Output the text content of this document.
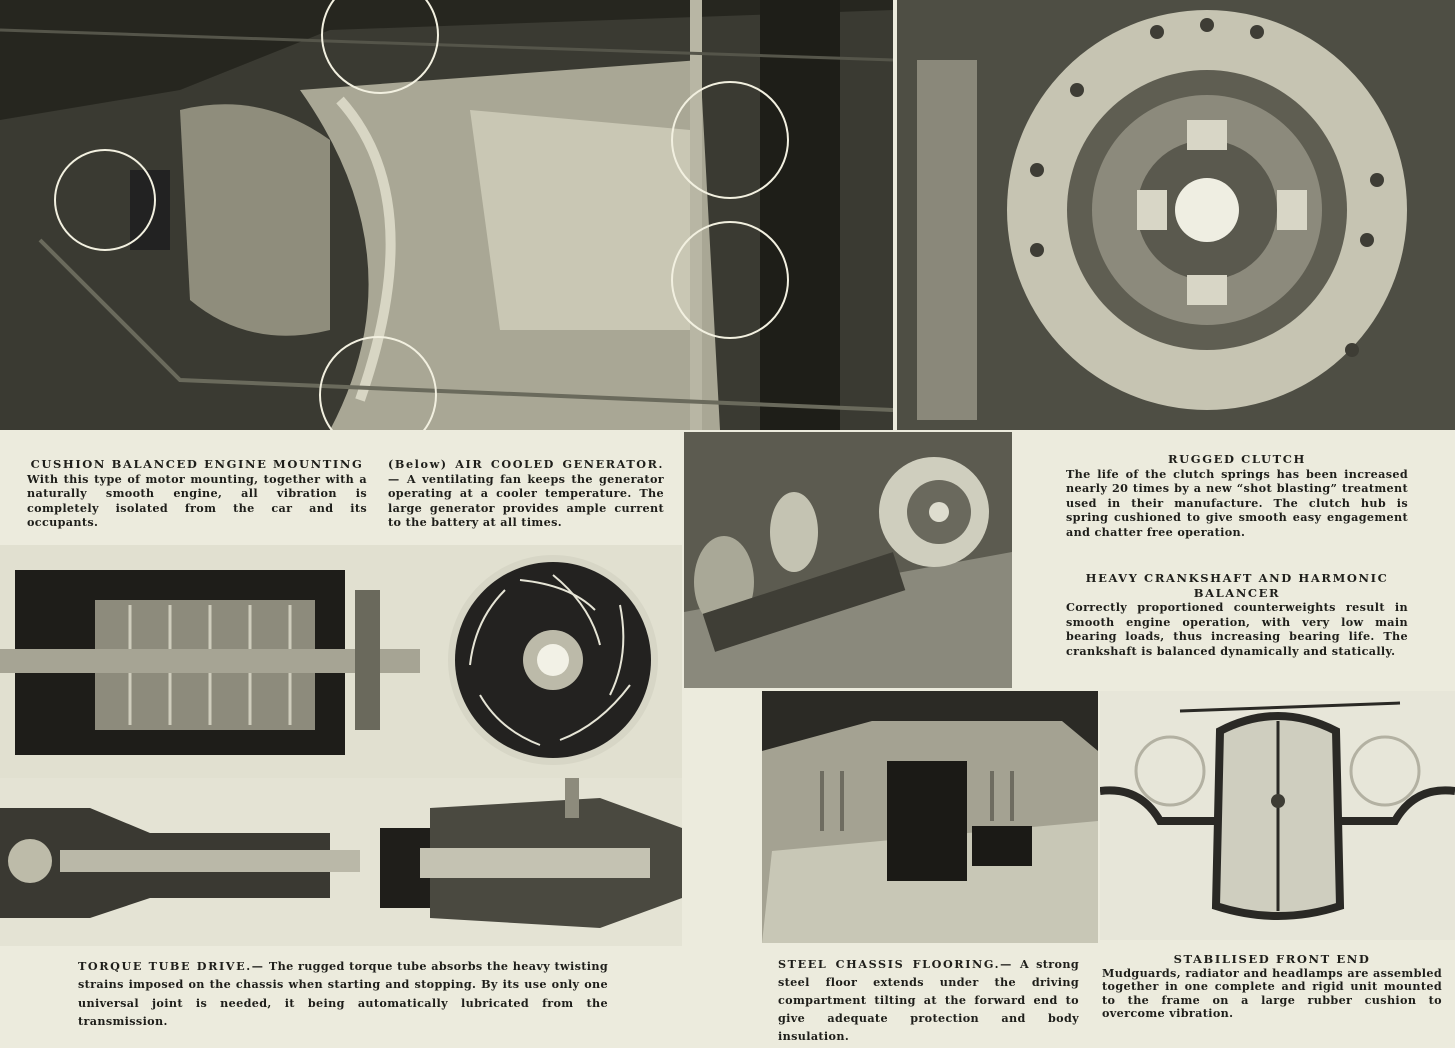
CUSHION BALANCED ENGINE MOUNTING
With this type of motor mounting, together with a naturally smooth engine, all vibration is completely isolated from the car and its occupants.
(Below) AIR COOLED GENERATOR.— A ventilating fan keeps the generator operating at a cooler temperature. The large generator provides ample current to the battery at all times.
RUGGED CLUTCH
The life of the clutch springs has been increased nearly 20 times by a new “shot blasting” treatment used in their manufacture. The clutch hub is spring cushioned to give smooth easy engagement and chatter free operation.
HEAVY CRANKSHAFT AND HARMONIC BALANCER
Correctly proportioned counterweights result in smooth engine operation, with very low main bearing loads, thus increasing bearing life. The crankshaft is balanced dynamically and statically.
TORQUE TUBE DRIVE.— The rugged torque tube absorbs the heavy twisting strains imposed on the chassis when starting and stopping. By its use only one universal joint is needed, it being automatically lubricated from the transmission.
STEEL CHASSIS FLOORING.— A strong steel floor extends under the driving compartment tilting at the forward end to give adequate protection and body insulation.
STABILISED FRONT END
Mudguards, radiator and headlamps are assembled together in one complete and rigid unit mounted to the frame on a large rubber cushion to overcome vibration.
